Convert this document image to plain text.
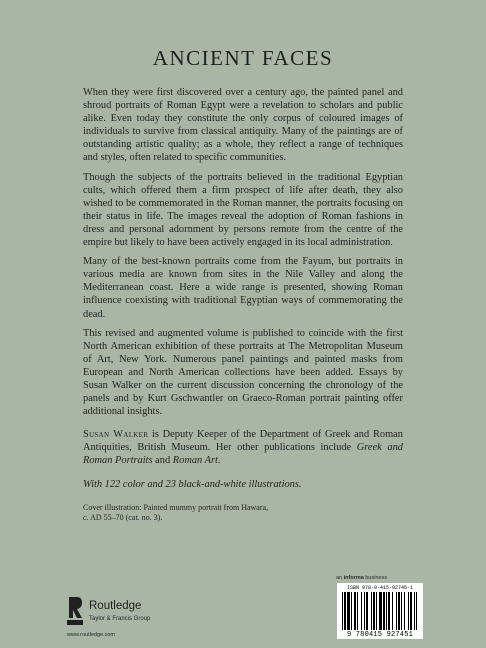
ANCIENT FACES

When they were first discovered over a century ago, the painted panel and shroud portraits of Roman Egypt were a revelation to scholars and public alike. Even today they constitute the only corpus of coloured images of individuals to survive from classical antiquity. Many of the paintings are of outstanding artistic quality; as a whole, they reflect a range of techniques and styles, often related to specific communities.

Though the subjects of the portraits believed in the traditional Egyptian cults, which offered them a firm prospect of life after death, they also wished to be commemorated in the Roman manner, the portraits focusing on their status in life. The images reveal the adoption of Roman fashions in dress and personal adornment by persons remote from the centre of the empire but likely to have been actively engaged in its local administration.

Many of the best-known portraits come from the Fayum, but portraits in various media are known from sites in the Nile Valley and along the Mediterranean coast. Here a wide range is presented, showing Roman influence coexisting with traditional Egyptian ways of commemorating the dead.

This revised and augmented volume is published to coincide with the first North American exhibition of these portraits at The Metropolitan Museum of Art, New York. Numerous panel paintings and painted masks from European and North American collections have been added. Essays by Susan Walker on the current discussion concerning the chronology of the panels and by Kurt Gschwantler on Graeco-Roman portrait painting offer additional insights.

Susan Walker is Deputy Keeper of the Department of Greek and Roman Antiquities, British Museum. Her other publications include Greek and Roman Portraits and Roman Art.

With 122 color and 23 black-and-white illustrations.

Cover illustration: Painted mummy portrait from Hawara,
c. AD 55–70 (cat. no. 3).

an informa business
Routledge
Taylor & Francis Group
www.routledge.com
ISBN 978-0-415-92745-1
9 780415 927451
